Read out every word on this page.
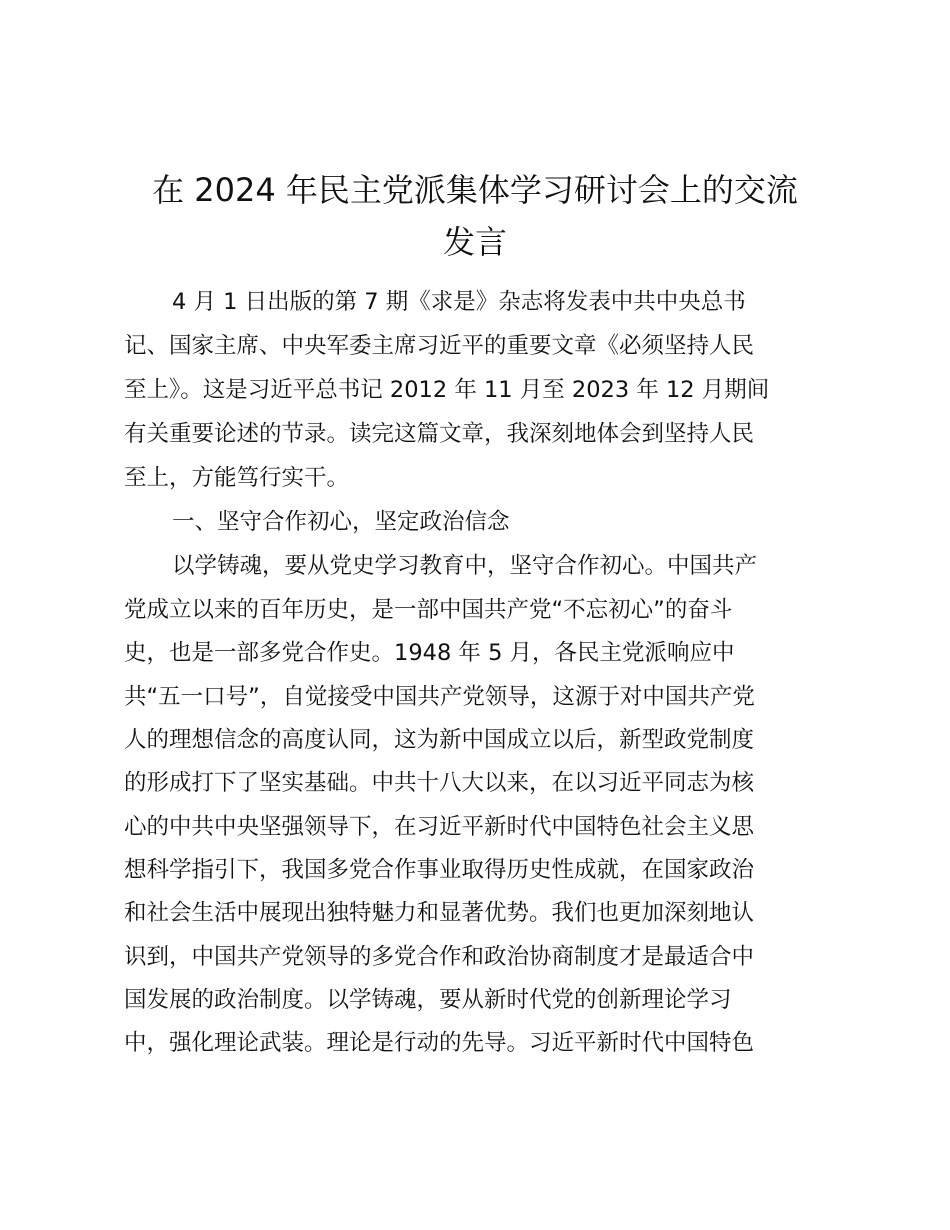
在 2024 年民主党派集体学习研讨会上的交流
发言
4 月 1 日出版的第 7 期《求是》杂志将发表中共中央总书
记、国家主席、中央军委主席习近平的重要文章《必须坚持人民
至上》。这是习近平总书记 2012 年 11 月至 2023 年 12 月期间
有关重要论述的节录。读完这篇文章，我深刻地体会到坚持人民
至上，方能笃行实干。
一、坚守合作初心，坚定政治信念
以学铸魂，要从党史学习教育中，坚守合作初心。中国共产
党成立以来的百年历史，是一部中国共产党“不忘初心”的奋斗
史，也是一部多党合作史。1948 年 5 月，各民主党派响应中
共“五一口号”，自觉接受中国共产党领导，这源于对中国共产党
人的理想信念的高度认同，这为新中国成立以后，新型政党制度
的形成打下了坚实基础。中共十八大以来，在以习近平同志为核
心的中共中央坚强领导下，在习近平新时代中国特色社会主义思
想科学指引下，我国多党合作事业取得历史性成就，在国家政治
和社会生活中展现出独特魅力和显著优势。我们也更加深刻地认
识到，中国共产党领导的多党合作和政治协商制度才是最适合中
国发展的政治制度。以学铸魂，要从新时代党的创新理论学习
中，强化理论武装。理论是行动的先导。习近平新时代中国特色
